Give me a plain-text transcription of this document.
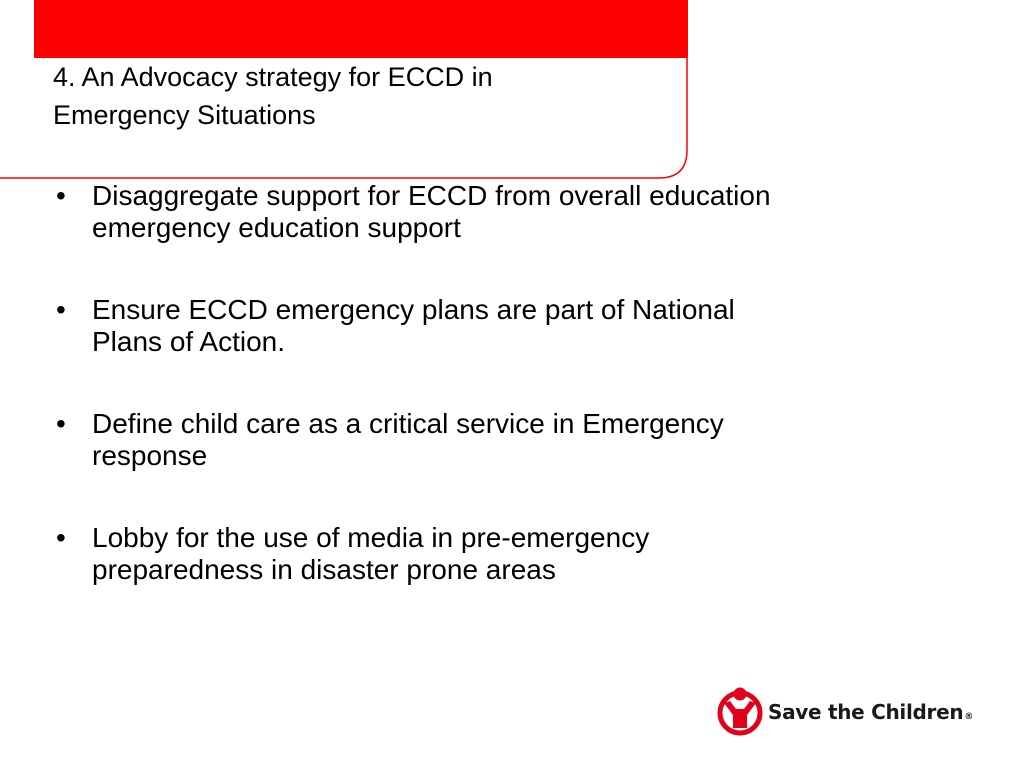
4. An Advocacy strategy for ECCD in
Emergency Situations
• Disaggregate support for ECCD from overall education
emergency education support
• Ensure ECCD emergency plans are part of National
Plans of Action.
• Define child care as a critical service in Emergency
response
• Lobby for the use of media in pre-emergency
preparedness in disaster prone areas
Save the Children®
